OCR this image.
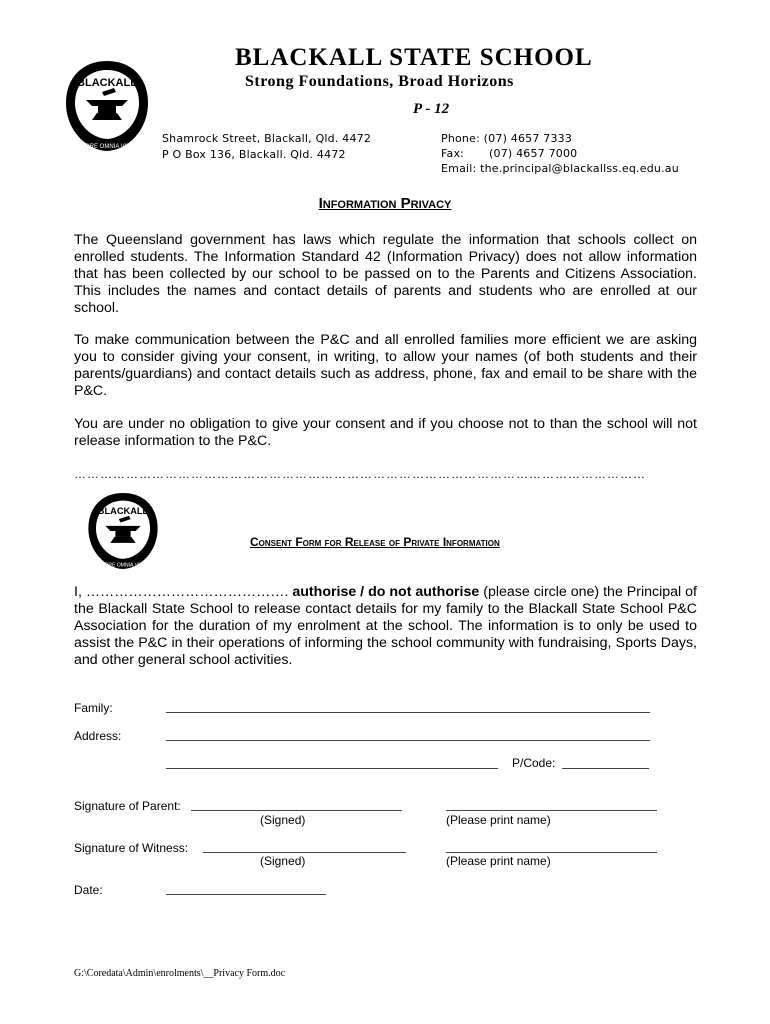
BLACKALL
LABORE OMNIA VINCIT
BLACKALL STATE SCHOOL
Strong Foundations, Broad Horizons
P - 12
Shamrock Street, Blackall, Qld. 4472
P O Box 136, Blackall. Qld. 4472
Phone: (07) 4657 7333
Fax: (07) 4657 7000
Email: the.principal@blackallss.eq.edu.au
Information Privacy
The Queensland government has laws which regulate the information that schools collect on enrolled students. The Information Standard 42 (Information Privacy) does not allow information that has been collected by our school to be passed on to the Parents and Citizens Association. This includes the names and contact details of parents and students who are enrolled at our school.
To make communication between the P&C and all enrolled families more efficient we are asking you to consider giving your consent, in writing, to allow your names (of both students and their parents/guardians) and contact details such as address, phone, fax and email to be share with the P&C.
You are under no obligation to give your consent and if you choose not to than the school will not release information to the P&C.
……………………………………………………………………………………………………………………
BLACKALL
LABORE OMNIA VINCIT
Consent Form for Release of Private Information
I, ……………………………………. authorise / do not authorise (please circle one) the Principal of the Blackall State School to release contact details for my family to the Blackall State School P&C Association for the duration of my enrolment at the school. The information is to only be used to assist the P&C in their operations of informing the school community with fundraising, Sports Days, and other general school activities.
Family:
Address:
P/Code:
Signature of Parent:
(Signed)	(Please print name)
Signature of Witness:
(Signed)	(Please print name)
Date:
G:\Coredata\Admin\enrolments\__Privacy Form.doc
